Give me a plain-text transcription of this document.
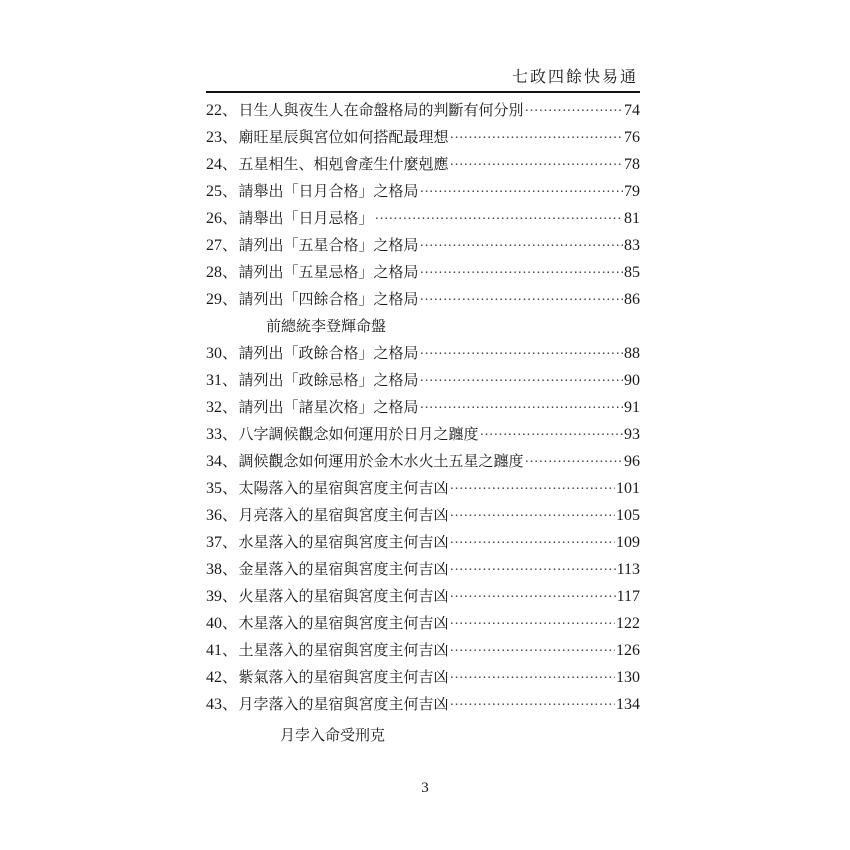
七政四餘快易通
22 、 日生人與夜生人在命盤格局的判斷有何分別 ·····	74
23 、 廟旺星辰與宮位如何搭配最理想 ·····	76
24 、 五星相生、相剋會產生什麼剋應 ·····	78
25 、 請舉出「日月合格」之格局 ·····	79
26 、 請舉出「日月忌格」 ·····	81
27 、 請列出「五星合格」之格局 ·····	83
28 、 請列出「五星忌格」之格局 ·····	85
29 、 請列出「四餘合格」之格局 ·····	86
前總統李登輝命盤
30 、 請列出「政餘合格」之格局 ·····	88
31 、 請列出「政餘忌格」之格局 ·····	90
32 、 請列出「諸星次格」之格局 ·····	91
33 、 八字調候觀念如何運用於日月之躔度 ·····	93
34 、 調候觀念如何運用於金木水火土五星之躔度 ·····	96
35 、 太陽落入的星宿與宮度主何吉凶 ·····	101
36 、 月亮落入的星宿與宮度主何吉凶 ·····	105
37 、 水星落入的星宿與宮度主何吉凶 ·····	109
38 、 金星落入的星宿與宮度主何吉凶 ·····	113
39 、 火星落入的星宿與宮度主何吉凶 ·····	117
40 、 木星落入的星宿與宮度主何吉凶 ·····	122
41 、 土星落入的星宿與宮度主何吉凶 ·····	126
42 、 紫氣落入的星宿與宮度主何吉凶 ·····	130
43 、 月孛落入的星宿與宮度主何吉凶 ·····	134
月孛入命受刑克
3
